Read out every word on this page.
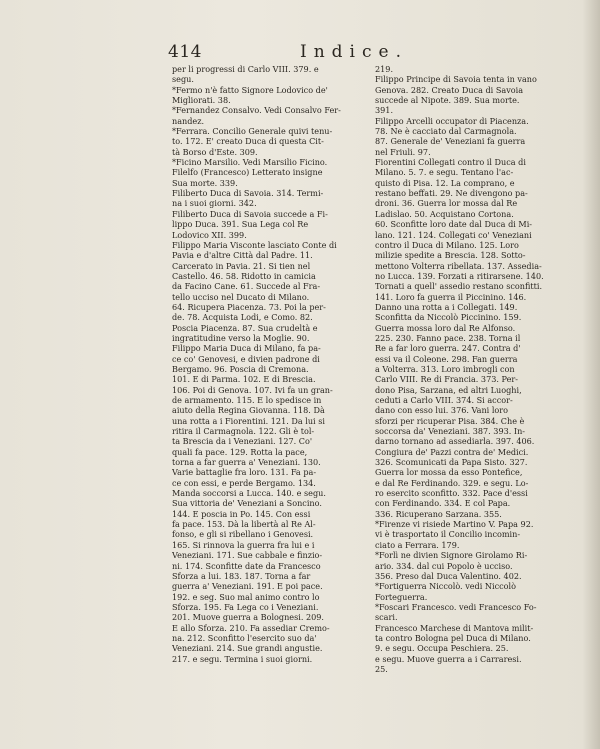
414	Indice.

per li progressi di Carlo VIII. 379. e

segu.

*Fermo n'è fatto Signore Lodovico de'

Migliorati. 38.

*Fernandez Consalvo. Vedi Consalvo Fer-

nandez.

*Ferrara. Concilio Generale quivi tenu-

to. 172. E' creato Duca di questa Cit-

tà Borso d'Este. 309.

*Ficino Marsilio. Vedi Marsilio Ficino.

Filelfo (Francesco) Letterato insigne

Sua morte. 339.

Filiberto Duca di Savoia. 314. Termi-

na i suoi giorni. 342.

Filiberto Duca di Savoia succede a Fi-

lippo Duca. 391. Sua Lega col Re

Lodovico XII. 399.

Filippo Maria Visconte lasciato Conte di

Pavia e d'altre Città dal Padre. 11.

Carcerato in Pavia. 21. Si tien nel

Castello. 46. 58. Ridotto in camicia

da Facino Cane. 61. Succede al Fra-

tello ucciso nel Ducato di Milano.

64. Ricupera Piacenza. 73. Poi la per-

de. 78. Acquista Lodi, e Como. 82.

Poscia Piacenza. 87. Sua crudeltà e

ingratitudine verso la Moglie. 90.

Filippo Maria Duca di Milano, fa pa-

ce co' Genovesi, e divien padrone di

Bergamo. 96. Poscia di Cremona.

101. E di Parma. 102. E di Brescia.

106. Poi di Genova. 107. Ivi fa un gran-

de armamento. 115. E lo spedisce in

aiuto della Regina Giovanna. 118. Dà

una rotta a i Fiorentini. 121. Da lui si

ritira il Carmagnola. 122. Gli è tol-

ta Brescia da i Veneziani. 127. Co'

quali fa pace. 129. Rotta la pace,

torna a far guerra a' Veneziani. 130.

Varie battaglie fra loro. 131. Fa pa-

ce con essi, e perde Bergamo. 134.

Manda soccorsi a Lucca. 140. e segu.

Sua vittoria de' Veneziani a Soncino.

144. E poscia in Po. 145. Con essi

fa pace. 153. Dà la libertà al Re Al-

fonso, e gli si ribellano i Genovesi.

165. Si rinnova la guerra fra lui e i

Veneziani. 171. Sue cabbale e finzio-

ni. 174. Sconfitte date da Francesco

Sforza a lui. 183. 187. Torna a far

guerra a' Veneziani. 191. E poi pace.

192. e seg. Suo mal animo contro lo

Sforza. 195. Fa Lega co i Veneziani.

201. Muove guerra a Bolognesi. 209.

E allo Sforza. 210. Fa assediar Cremo-

na. 212. Sconfitto l'esercito suo da'

Veneziani. 214. Sue grandi angustie.

217. e segu. Termina i suoi giorni.

219.

Filippo Principe di Savoia tenta in vano

Genova. 282. Creato Duca di Savoia

succede al Nipote. 389. Sua morte.

391.

Filippo Arcelli occupator di Piacenza.

78. Ne è cacciato dal Carmagnola.

87. Generale de' Veneziani fa guerra

nel Friuli. 97.

Fiorentini Collegati contro il Duca di

Milano. 5. 7. e segu. Tentano l'ac-

quisto di Pisa. 12. La comprano, e

restano beffati. 29. Ne divengono pa-

droni. 36. Guerra lor mossa dal Re

Ladislao. 50. Acquistano Cortona.

60. Sconfitte loro date dal Duca di Mi-

lano. 121. 124. Collegati co' Veneziani

contro il Duca di Milano. 125. Loro

milizie spedite a Brescia. 128. Sotto-

mettono Volterra ribellata. 137. Assedia-

no Lucca. 139. Forzati a ritirarsene. 140.

Tornati a quell' assedio restano sconfitti.

141. Loro fa guerra il Piccinino. 146.

Danno una rotta a i Collegati. 149.

Sconfitta da Niccolò Piccinino. 159.

Guerra mossa loro dal Re Alfonso.

225. 230. Fanno pace. 238. Torna il

Re a far loro guerra. 247. Contra d'

essi va il Coleone. 298. Fan guerra

a Volterra. 313. Loro imbrogli con

Carlo VIII. Re di Francia. 373. Per-

dono Pisa, Sarzana, ed altri Luoghi,

ceduti a Carlo VIII. 374. Si accor-

dano con esso lui. 376. Vani loro

sforzi per ricuperar Pisa. 384. Che è

soccorsa da' Veneziani. 387. 393. In-

darno tornano ad assediarla. 397. 406.

Congiura de' Pazzi contra de' Medici.

326. Scomunicati da Papa Sisto. 327.

Guerra lor mossa da esso Pontefice,

e dal Re Ferdinando. 329. e segu. Lo-

ro esercito sconfitto. 332. Pace d'essi

con Ferdinando. 334. E col Papa.

336. Ricuperano Sarzana. 355.

*Firenze vi risiede Martino V. Papa 92.

vi è trasportato il Concilio incomin-

ciato a Ferrara. 179.

*Forlì ne divien Signore Girolamo Ri-

ario. 334. dal cui Popolo è ucciso.

356. Preso dal Duca Valentino. 402.

*Fortiguerra Niccolò. vedi Niccolò

Forteguerra.

*Foscari Francesco. vedi Francesco Fo-

scari.

Francesco Marchese di Mantova milit-

ta contro Bologna pel Duca di Milano.

9. e segu. Occupa Peschiera. 25.

e segu. Muove guerra a i Carraresi.

25.
